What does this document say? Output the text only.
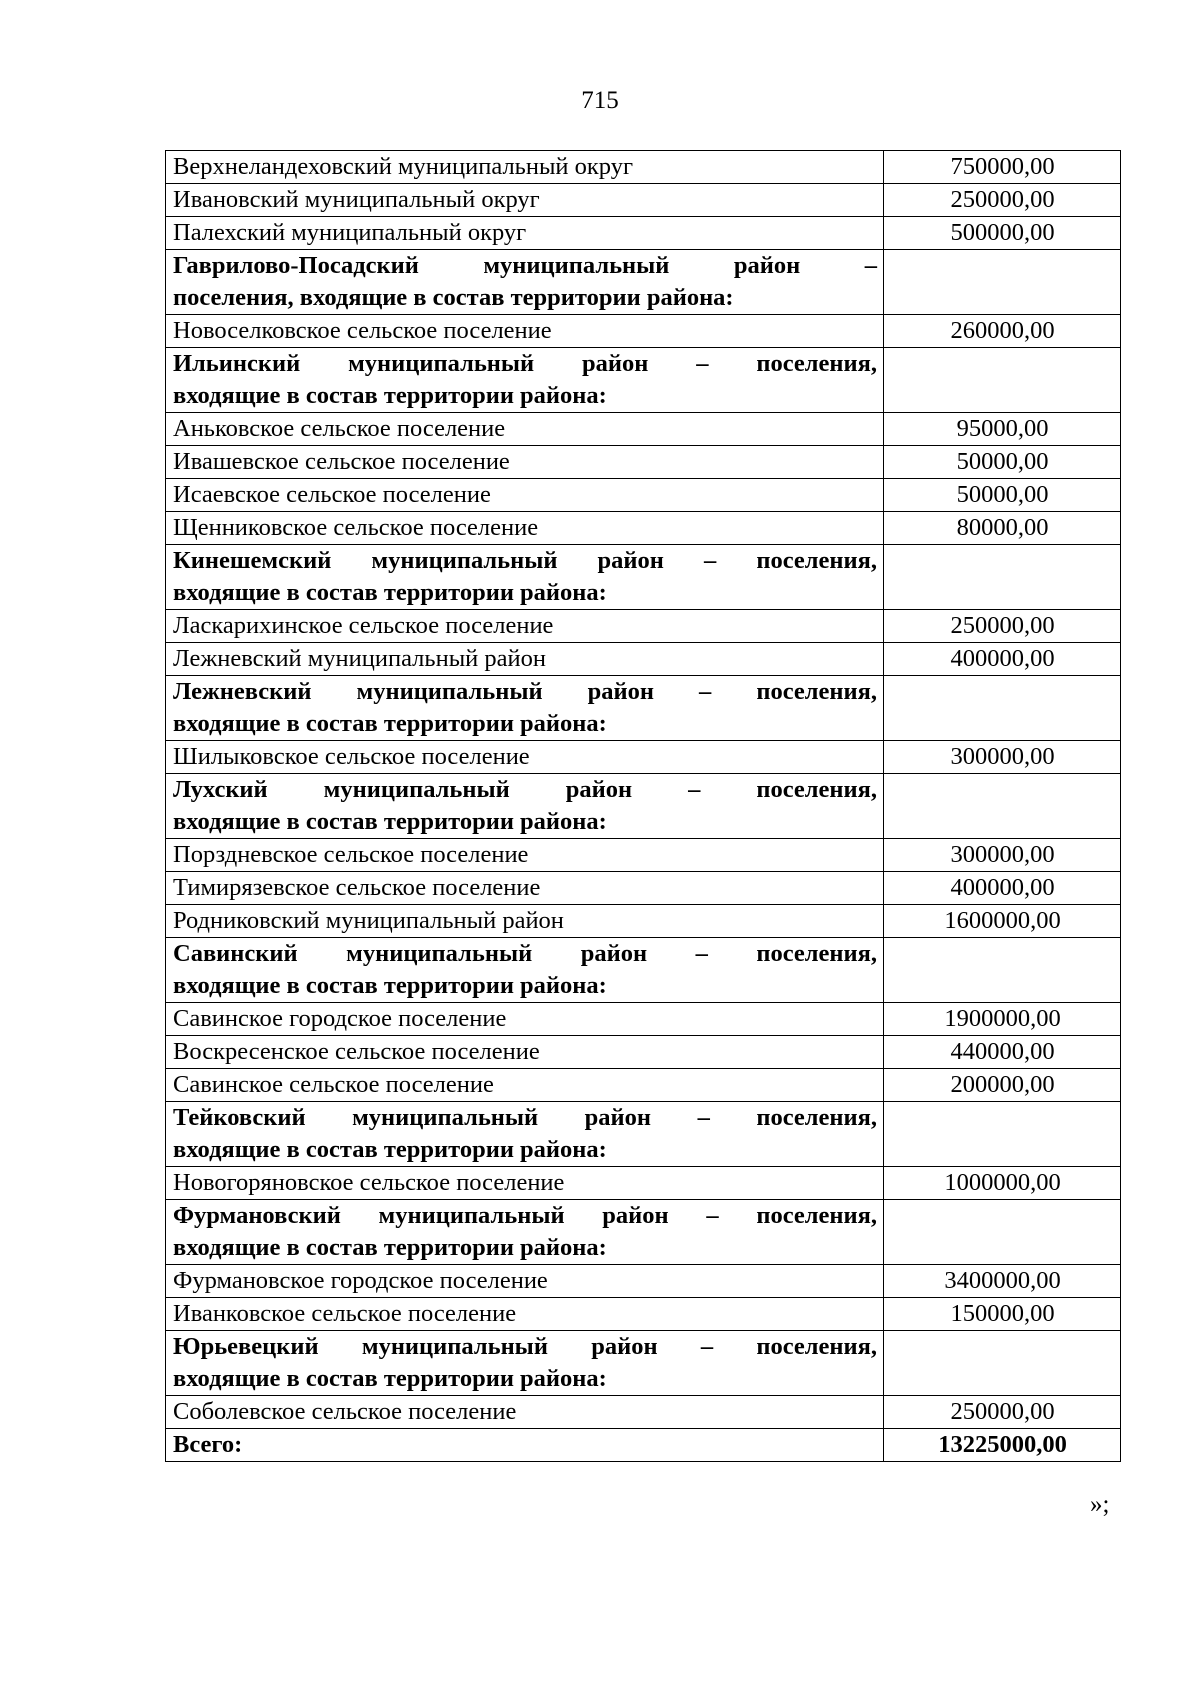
715
Верхнеландеховский муниципальный округ	750000,00
Ивановский муниципальный округ	250000,00
Палехский муниципальный округ	500000,00

Гаврилово-Посадский муниципальный район –
поселения, входящие в состав территории района:	

Новоселковское сельское поселение	260000,00

Ильинский муниципальный район – поселения,
входящие в состав территории района:	

Аньковское сельское поселение	95000,00
Ивашевское сельское поселение	50000,00
Исаевское сельское поселение	50000,00
Щенниковское сельское поселение	80000,00

Кинешемский муниципальный район – поселения,
входящие в состав территории района:	

Ласкарихинское сельское поселение	250000,00
Лежневский муниципальный район	400000,00

Лежневский муниципальный район – поселения,
входящие в состав территории района:	

Шилыковское сельское поселение	300000,00

Лухский муниципальный район – поселения,
входящие в состав территории района:	

Порздневское сельское поселение	300000,00
Тимирязевское сельское поселение	400000,00
Родниковский муниципальный район	1600000,00

Савинский муниципальный район – поселения,
входящие в состав территории района:	

Савинское городское поселение	1900000,00
Воскресенское сельское поселение	440000,00
Савинское сельское поселение	200000,00

Тейковский муниципальный район – поселения,
входящие в состав территории района:	

Новогоряновское сельское поселение	1000000,00

Фурмановский муниципальный район – поселения,
входящие в состав территории района:	

Фурмановское городское поселение	3400000,00
Иванковское сельское поселение	150000,00

Юрьевецкий муниципальный район – поселения,
входящие в состав территории района:	

Соболевское сельское поселение	250000,00
Всего:	13225000,00
»;
